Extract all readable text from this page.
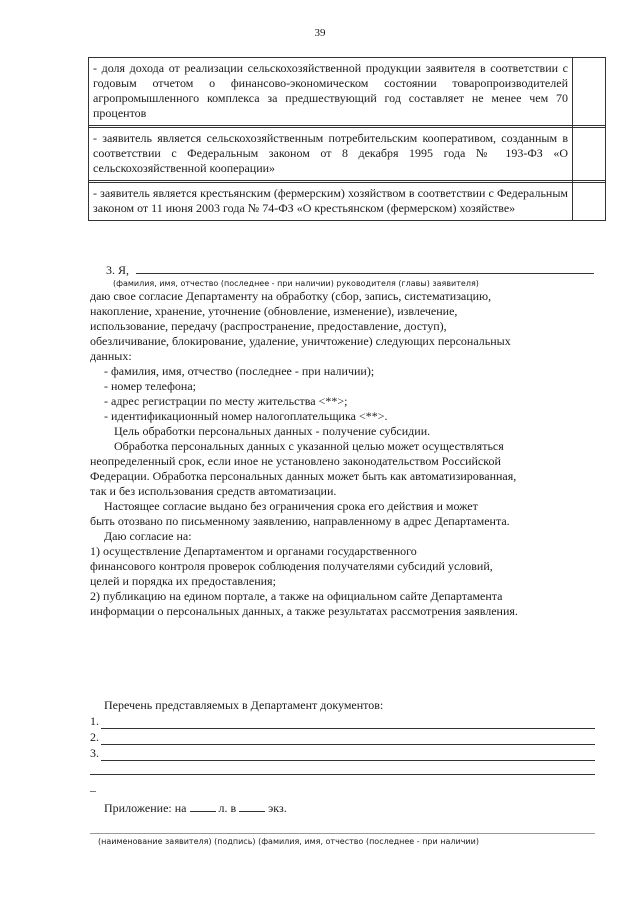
39
- доля дохода от реализации сельскохозяйственной продукции заявителя в соответствии с годовым отчетом о финансово-экономическом состоянии товаропроизводителей агропромышленного комплекса за предшествующий год составляет не менее чем 70 процентов	

- заявитель является сельскохозяйственным потребительским кооперативом, созданным в соответствии с Федеральным законом от 8 декабря 1995 года № 193-ФЗ «О сельскохозяйственной кооперации»	

- заявитель является крестьянским (фермерским) хозяйством в соответствии с Федеральным законом от 11 июня 2003 года № 74-ФЗ «О крестьянском (фермерском) хозяйстве»	
3. Я,
(фамилия, имя, отчество (последнее - при наличии) руководителя (главы) заявителя)
даю свое согласие Департаменту на обработку (сбор, запись, систематизацию,
накопление, хранение, уточнение (обновление, изменение), извлечение,
использование, передачу (распространение, предоставление, доступ),
обезличивание, блокирование, удаление, уничтожение) следующих персональных
данных:
- фамилия, имя, отчество (последнее - при наличии);
- номер телефона;
- адрес регистрации по месту жительства <**>;
- идентификационный номер налогоплательщика <**>.
Цель обработки персональных данных - получение субсидии.
Обработка персональных данных с указанной целью может осуществляться
неопределенный срок, если иное не установлено законодательством Российской
Федерации. Обработка персональных данных может быть как автоматизированная,
так и без использования средств автоматизации.
Настоящее согласие выдано без ограничения срока его действия и может
быть отозвано по письменному заявлению, направленному в адрес Департамента.
Даю согласие на:
1) осуществление Департаментом и органами государственного
финансового контроля проверок соблюдения получателями субсидий условий,
целей и порядка их предоставления;
2) публикацию на едином портале, а также на официальном сайте Департамента
информации о персональных данных, а также результатах рассмотрения заявления.
Перечень представляемых в Департамент документов:
1.
2.
3.
–
Приложение: на	л. в	экз.
(наименование заявителя) (подпись) (фамилия, имя, отчество (последнее - при наличии)
